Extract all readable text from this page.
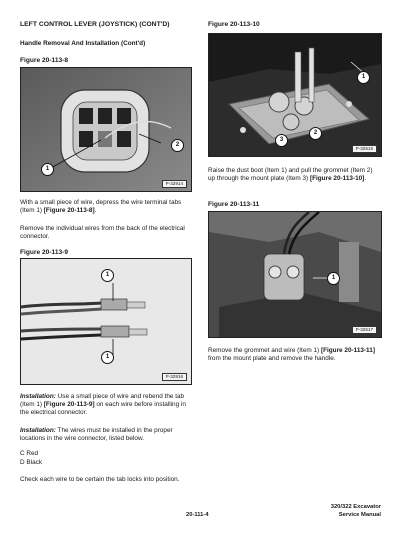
LEFT CONTROL LEVER (JOYSTICK) (CONT'D)
Handle Removal And Installation (Cont'd)
Figure 20-113-8
1
2
P-32914

With a small piece of wire, depress the wire terminal tabs (Item 1) [Figure 20-113-8].

Remove the individual wires from the back of the electrical connector.

Figure 20-113-9
1
1
P-32916

Installation: Use a small piece of wire and rebend the tab (Item 1) [Figure 20-113-9] on each wire before installing in the electrical connector.

Installation: The wires must be installed in the proper locations in the wire connector, listed below.

C Red
D Black

Check each wire to be certain the tab locks into position.

Figure 20-113-10
1
2
3
P-32515

Raise the dust boot (Item 1) and pull the grommet (Item 2) up through the mount plate (Item 3) [Figure 20-113-10].

Figure 20-113-11
1
P-32517

Remove the grommet and wire (Item 1) [Figure 20-113-11] from the mount plate and remove the handle.

20-111-4
320/322 Excavator
Service Manual
